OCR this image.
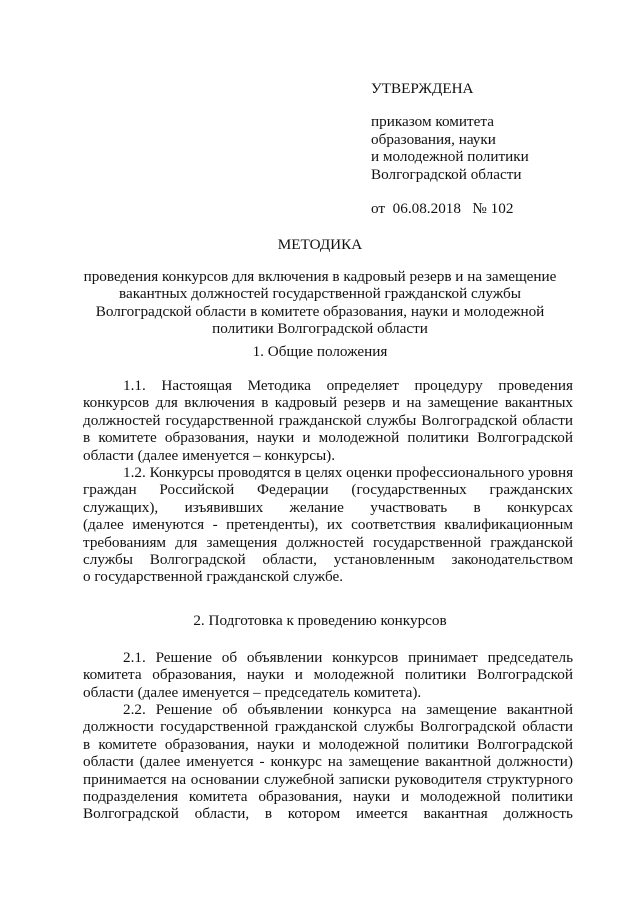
УТВЕРЖДЕНА
приказом комитета
образования, науки
и молодежной политики
Волгоградской области
от 06.08.2018 № 102
МЕТОДИКА
проведения конкурсов для включения в кадровый резерв и на замещение
вакантных должностей государственной гражданской службы
Волгоградской области в комитете образования, науки и молодежной
политики Волгоградской области
1. Общие положения
1.1. Настоящая Методика определяет процедуру проведения
конкурсов для включения в кадровый резерв и на замещение вакантных
должностей государственной гражданской службы Волгоградской области
в комитете образования, науки и молодежной политики Волгоградской
области (далее именуется – конкурсы).
1.2. Конкурсы проводятся в целях оценки профессионального уровня
граждан Российской Федерации (государственных гражданских
служащих), изъявивших желание участвовать в конкурсах
(далее именуются - претенденты), их соответствия квалификационным
требованиям для замещения должностей государственной гражданской
службы Волгоградской области, установленным законодательством
о государственной гражданской службе.
2. Подготовка к проведению конкурсов
2.1. Решение об объявлении конкурсов принимает председатель
комитета образования, науки и молодежной политики Волгоградской
области (далее именуется – председатель комитета).
2.2. Решение об объявлении конкурса на замещение вакантной
должности государственной гражданской службы Волгоградской области
в комитете образования, науки и молодежной политики Волгоградской
области (далее именуется - конкурс на замещение вакантной должности)
принимается на основании служебной записки руководителя структурного
подразделения комитета образования, науки и молодежной политики
Волгоградской области, в котором имеется вакантная должность
